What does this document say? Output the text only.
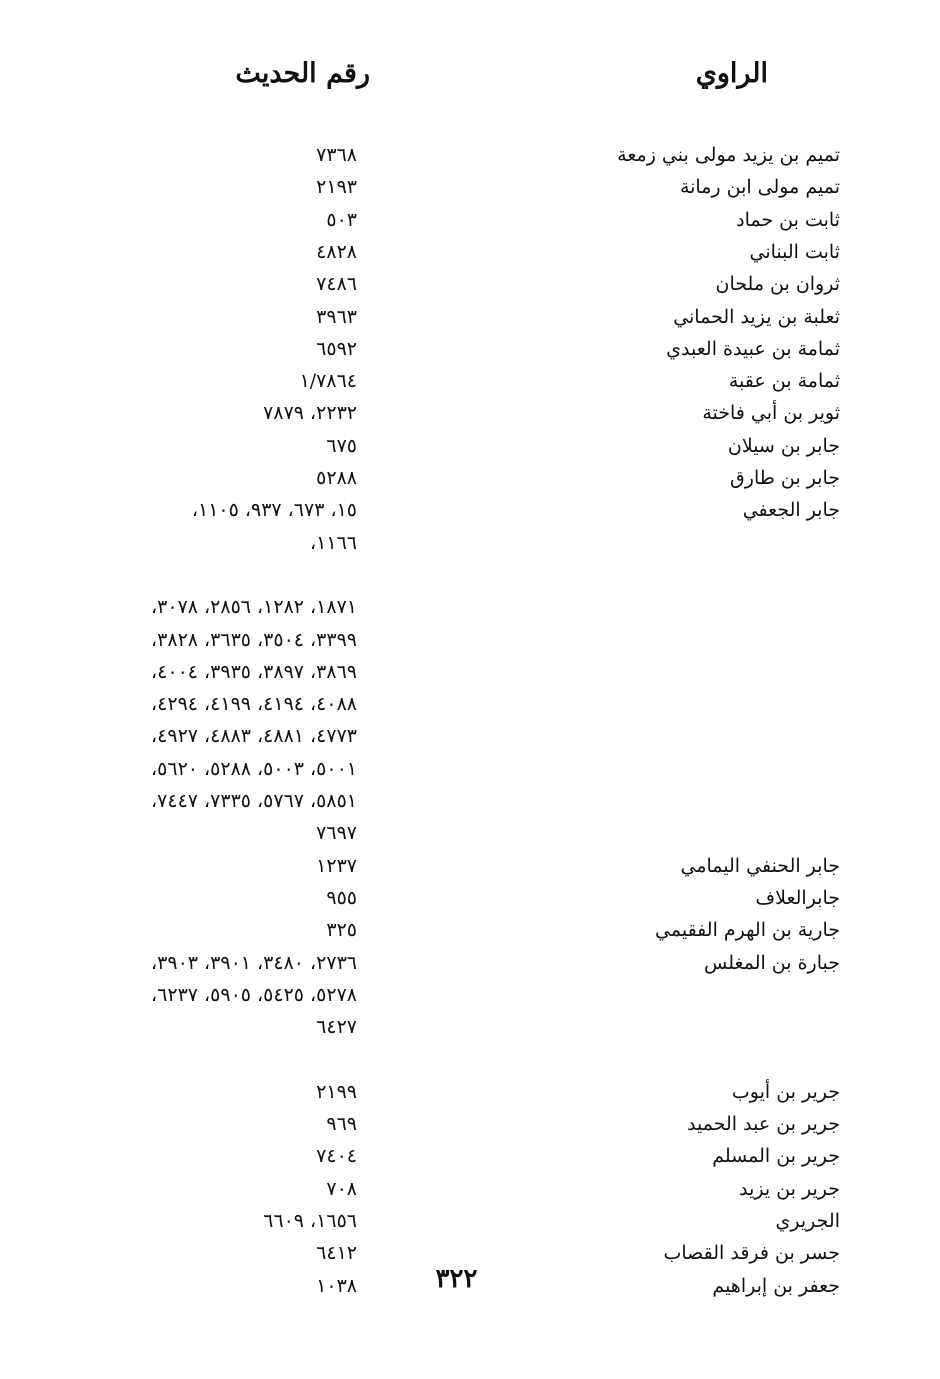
الراوي
رقم الحديث
تميم بن يزيد مولى بني زمعة
٧٣٦٨
تميم مولى ابن رمانة
٢١٩٣
ثابت بن حماد
٥٠٣
ثابت البناني
٤٨٢٨
ثروان بن ملحان
٧٤٨٦
ثعلبة بن يزيد الحماني
٣٩٦٣
ثمامة بن عبيدة العبدي
٦٥٩٢
ثمامة بن عقبة
١/٧٨٦٤
ثوير بن أبي فاختة
٢٢٣٢، ٧٨٧٩
جابر بن سيلان
٦٧٥
جابر بن طارق
٥٢٨٨
جابر الجعفي
١٥، ٦٧٣، ٩٣٧، ١١٠٥،
١١٦٦،
١٨٧١، ١٢٨٢، ٢٨٥٦، ٣٠٧٨،
٣٣٩٩، ٣٥٠٤، ٣٦٣٥، ٣٨٢٨،
٣٨٦٩، ٣٨٩٧، ٣٩٣٥، ٤٠٠٤،
٤٠٨٨، ٤١٩٤، ٤١٩٩، ٤٢٩٤،
٤٧٧٣، ٤٨٨١، ٤٨٨٣، ٤٩٢٧،
٥٠٠١، ٥٠٠٣، ٥٢٨٨، ٥٦٢٠،
٥٨٥١، ٥٧٦٧، ٧٣٣٥، ٧٤٤٧،
٧٦٩٧
جابر الحنفي اليمامي
١٢٣٧
جابرالعلاف
٩٥٥
جارية بن الهرم الفقيمي
٣٢٥
جبارة بن المغلس
٢٧٣٦، ٣٤٨٠، ٣٩٠١، ٣٩٠٣،
٥٢٧٨، ٥٤٢٥، ٥٩٠٥، ٦٢٣٧،
٦٤٢٧
جرير بن أيوب
٢١٩٩
جرير بن عبد الحميد
٩٦٩
جرير بن المسلم
٧٤٠٤
جرير بن يزيد
٧٠٨
الجريري
١٦٥٦، ٦٦٠٩
جسر بن فرقد القصاب
٦٤١٢
جعفر بن إبراهيم
١٠٣٨	٣٢٢
